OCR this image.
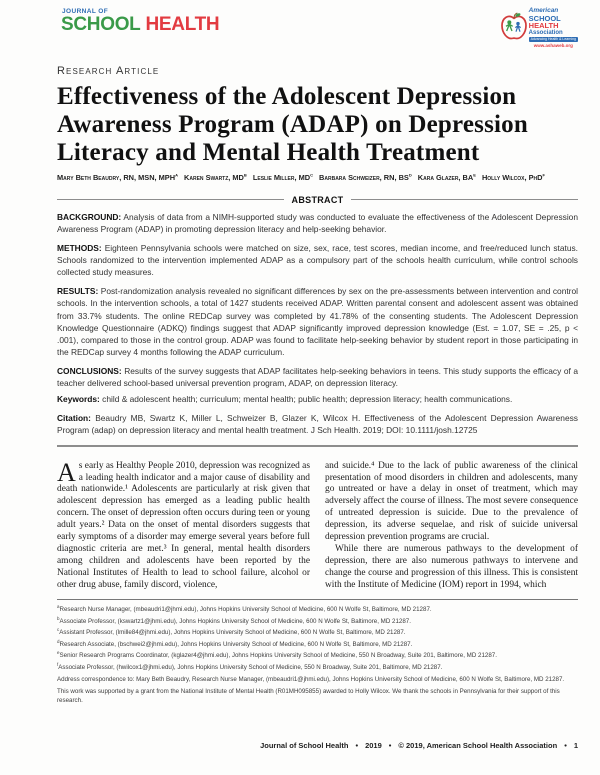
JOURNAL OF
SCHOOL HEALTH
American
SCHOOL
HEALTH
Association
Advancing Health & Learning
www.ashaweb.org
Research Article
Effectiveness of the Adolescent Depression Awareness Program (ADAP) on Depression Literacy and Mental Health Treatment
Mary Beth Beaudry, RN, MSN, MPH$^a$ Karen Swartz, $MD^b$ Leslie Miller, $MD^c$ Barbara Schweizer, RN, $BS^d$ Kara Glazer, $BA^e$ Holly Wilcox, PhD$^f$
ABSTRACT

BACKGROUND: Analysis of data from a NIMH-supported study was conducted to evaluate the effectiveness of the Adolescent Depression Awareness Program (ADAP) in promoting depression literacy and help-seeking behavior.

METHODS: Eighteen Pennsylvania schools were matched on size, sex, race, test scores, median income, and free/reduced lunch status. Schools randomized to the intervention implemented ADAP as a compulsory part of the schools health curriculum, while control schools collected study measures.

RESULTS: Post-randomization analysis revealed no significant differences by sex on the pre-assessments between intervention and control schools. In the intervention schools, a total of 1427 students received ADAP. Written parental consent and adolescent assent was obtained from 33.7% students. The online REDCap survey was completed by 41.78% of the consenting students. The Adolescent Depression Knowledge Questionnaire (ADKQ) findings suggest that ADAP significantly improved depression knowledge (Est. = 1.07, SE = .25, p < .001), compared to those in the control group. ADAP was found to facilitate help-seeking behavior by student report in those participating in the REDCap survey 4 months following the ADAP curriculum.

CONCLUSIONS: Results of the survey suggests that ADAP facilitates help-seeking behaviors in teens. This study supports the efficacy of a teacher delivered school-based universal prevention program, ADAP, on depression literacy.

Keywords: child & adolescent health; curriculum; mental health; public health; depression literacy; health communications.

Citation: Beaudry MB, Swartz K, Miller L, Schweizer B, Glazer K, Wilcox H. Effectiveness of the Adolescent Depression Awareness Program (adap) on depression literacy and mental health treatment. J Sch Health. 2019; DOI: 10.1111/josh.12725

As early as Healthy People 2010, depression was recognized as a leading health indicator and a major cause of disability and death nationwide.¹ Adolescents are particularly at risk given that adolescent depression has emerged as a leading public health concern. The onset of depression often occurs during teen or young adult years.² Data on the onset of mental disorders suggests that early symptoms of a disorder may emerge several years before full diagnostic criteria are met.³ In general, mental health disorders among children and adolescents have been reported by the National Institutes of Health to lead to school failure, alcohol or other drug abuse, family discord, violence,

and suicide.⁴ Due to the lack of public awareness of the clinical presentation of mood disorders in children and adolescents, many go untreated or have a delay in onset of treatment, which may adversely affect the course of illness. The most severe consequence of untreated depression is suicide. Due to the prevalence of depression, its adverse sequelae, and risk of suicide universal depression prevention programs are crucial.

While there are numerous pathways to the development of depression, there are also numerous pathways to intervene and change the course and progression of this illness. This is consistent with the Institute of Medicine (IOM) report in 1994, which

$^a$Research Nurse Manager, (mbeaudri1@jhmi.edu), Johns Hopkins University School of Medicine, 600 N Wolfe St, Baltimore, MD 21287.
$^b$Associate Professor, (kswartz1@jhmi.edu), Johns Hopkins University School of Medicine, 600 N Wolfe St, Baltimore, MD 21287.
$^c$Assistant Professor, (lmille84@jhmi.edu), Johns Hopkins University School of Medicine, 600 N Wolfe St, Baltimore, MD 21287.
$^d$Research Associate, (bschwei2@jhmi.edu), Johns Hopkins University School of Medicine, 600 N Wolfe St, Baltimore, MD 21287.
$^e$Senior Research Programs Coordinator, (kglazer4@jhmi.edu), Johns Hopkins University School of Medicine, 550 N Broadway, Suite 201, Baltimore, MD 21287.
$^f$Associate Professor, (hwilcox1@jhmi.edu), Johns Hopkins University School of Medicine, 550 N Broadway, Suite 201, Baltimore, MD 21287.
Address correspondence to: Mary Beth Beaudry, Research Nurse Manager, (mbeaudri1@jhmi.edu), Johns Hopkins University School of Medicine, 600 N Wolfe St, Baltimore, MD 21287.
This work was supported by a grant from the National Institute of Mental Health (R01MH095855) awarded to Holly Wilcox. We thank the schools in Pennsylvania for their support of this research.
Journal of School Health • 2019 • © 2019, American School Health Association • 1
